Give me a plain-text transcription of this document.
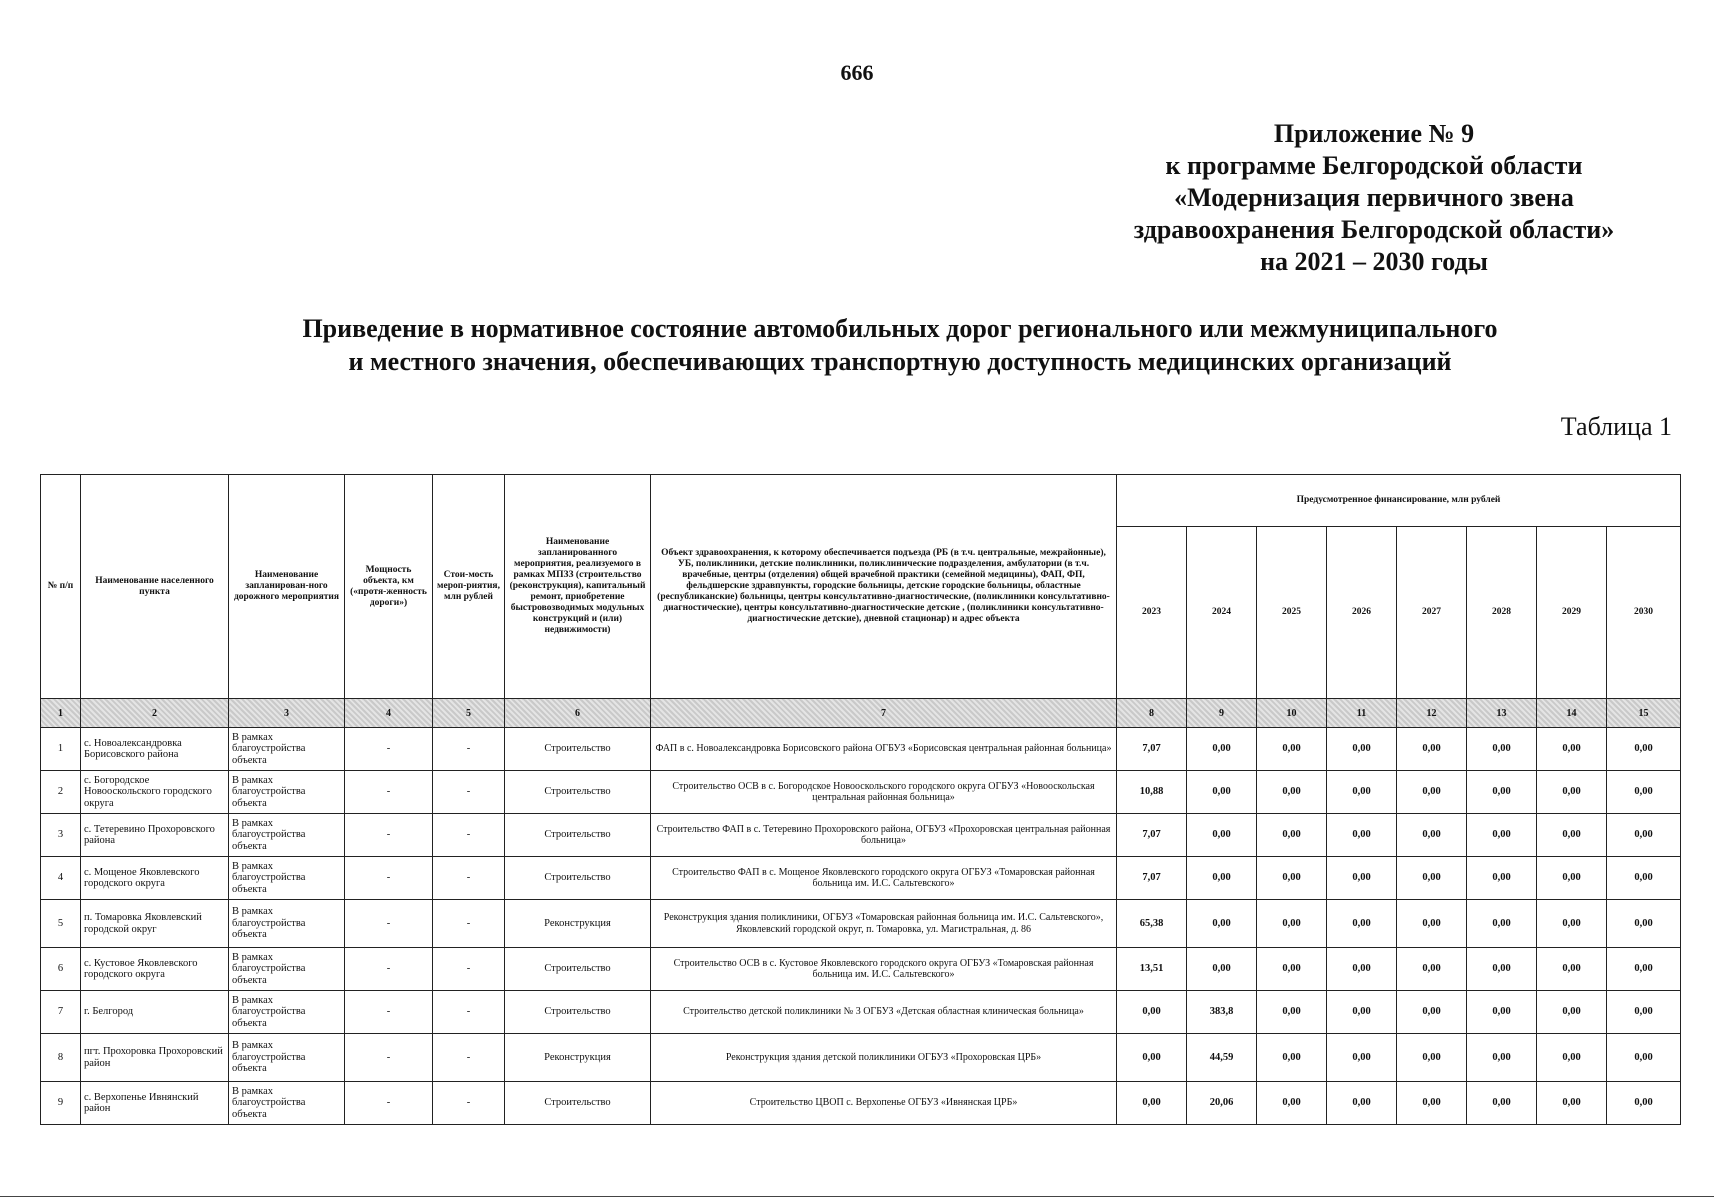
666
Приложение № 9
к программе Белгородской области
«Модернизация первичного звена
здравоохранения Белгородской области»
на 2021 – 2030 годы
Приведение в нормативное состояние автомобильных дорог регионального или межмуниципального
и местного значения, обеспечивающих транспортную доступность медицинских организаций
Таблица 1
№ п/п	Наименование населенного пункта	Наименование запланирован-ного дорожного мероприятия	Мощность объекта, км («протя-женность дороги»)	Стои-мость мероп-риятия, млн рублей	Наименование запланированного мероприятия, реализуемого в рамках МПЗЗ (строительство (реконструкция), капитальный ремонт, приобретение быстровозводимых модульных конструкций и (или) недвижимости)	Объект здравоохранения, к которому обеспечивается подъезда (РБ (в т.ч. центральные, межрайонные), УБ, поликлиники, детские поликлиники, поликлинические подразделения, амбулатории (в т.ч. врачебные, центры (отделения) общей врачебной практики (семейной медицины), ФАП, ФП, фельдшерские здравпункты, городские больницы, детские городские больницы, областные (республиканские) больницы, центры консультативно-диагностические, (поликлиники консультативно-диагностические), центры консультативно-диагностические детские , (поликлиники консультативно-диагностические детские), дневной стационар) и адрес объекта	Предусмотренное финансирование, млн рублей							
							2023	2024	2025	2026	2027	2028	2029	2030
1	2	3	4	5	6	7	8	9	10	11	12	13	14	15
1	с. Новоалександровка Борисовского района	В рамках благоустройства объекта	-	-	Строительство	ФАП в с. Новоалександровка Борисовского района ОГБУЗ «Борисовская центральная районная больница»	7,07	0,00	0,00	0,00	0,00	0,00	0,00	0,00
2	с. Богородское Новооскольского городского округа	В рамках благоустройства объекта	-	-	Строительство	Строительство ОСВ в с. Богородское Новооскольского городского округа ОГБУЗ «Новооскольская центральная районная больница»	10,88	0,00	0,00	0,00	0,00	0,00	0,00	0,00
3	с. Тетеревино Прохоровского района	В рамках благоустройства объекта	-	-	Строительство	Строительство ФАП в с. Тетеревино Прохоровского района, ОГБУЗ «Прохоровская центральная районная больница»	7,07	0,00	0,00	0,00	0,00	0,00	0,00	0,00
4	с. Мощеное Яковлевского городского округа	В рамках благоустройства объекта	-	-	Строительство	Строительство ФАП в с. Мощеное Яковлевского городского округа ОГБУЗ «Томаровская районная больница им. И.С. Сальтевского»	7,07	0,00	0,00	0,00	0,00	0,00	0,00	0,00
5	п. Томаровка Яковлевский городской округ	В рамках благоустройства объекта	-	-	Реконструкция	Реконструкция здания поликлиники, ОГБУЗ «Томаровская районная больница им. И.С. Сальтевского», Яковлевский городской округ, п. Томаровка, ул. Магистральная, д. 86	65,38	0,00	0,00	0,00	0,00	0,00	0,00	0,00
6	с. Кустовое Яковлевского городского округа	В рамках благоустройства объекта	-	-	Строительство	Строительство ОСВ в с. Кустовое Яковлевского городского округа ОГБУЗ «Томаровская районная больница им. И.С. Сальтевского»	13,51	0,00	0,00	0,00	0,00	0,00	0,00	0,00
7	г. Белгород	В рамках благоустройства объекта	-	-	Строительство	Строительство детской поликлиники № 3 ОГБУЗ «Детская областная клиническая больница»	0,00	383,8	0,00	0,00	0,00	0,00	0,00	0,00
8	пгт. Прохоровка Прохоровский район	В рамках благоустройства объекта	-	-	Реконструкция	Реконструкция здания детской поликлиники ОГБУЗ «Прохоровская ЦРБ»	0,00	44,59	0,00	0,00	0,00	0,00	0,00	0,00
9	с. Верхопенье Ивнянский район	В рамках благоустройства объекта	-	-	Строительство	Строительство ЦВОП с. Верхопенье ОГБУЗ «Ивнянская ЦРБ»	0,00	20,06	0,00	0,00	0,00	0,00	0,00	0,00
